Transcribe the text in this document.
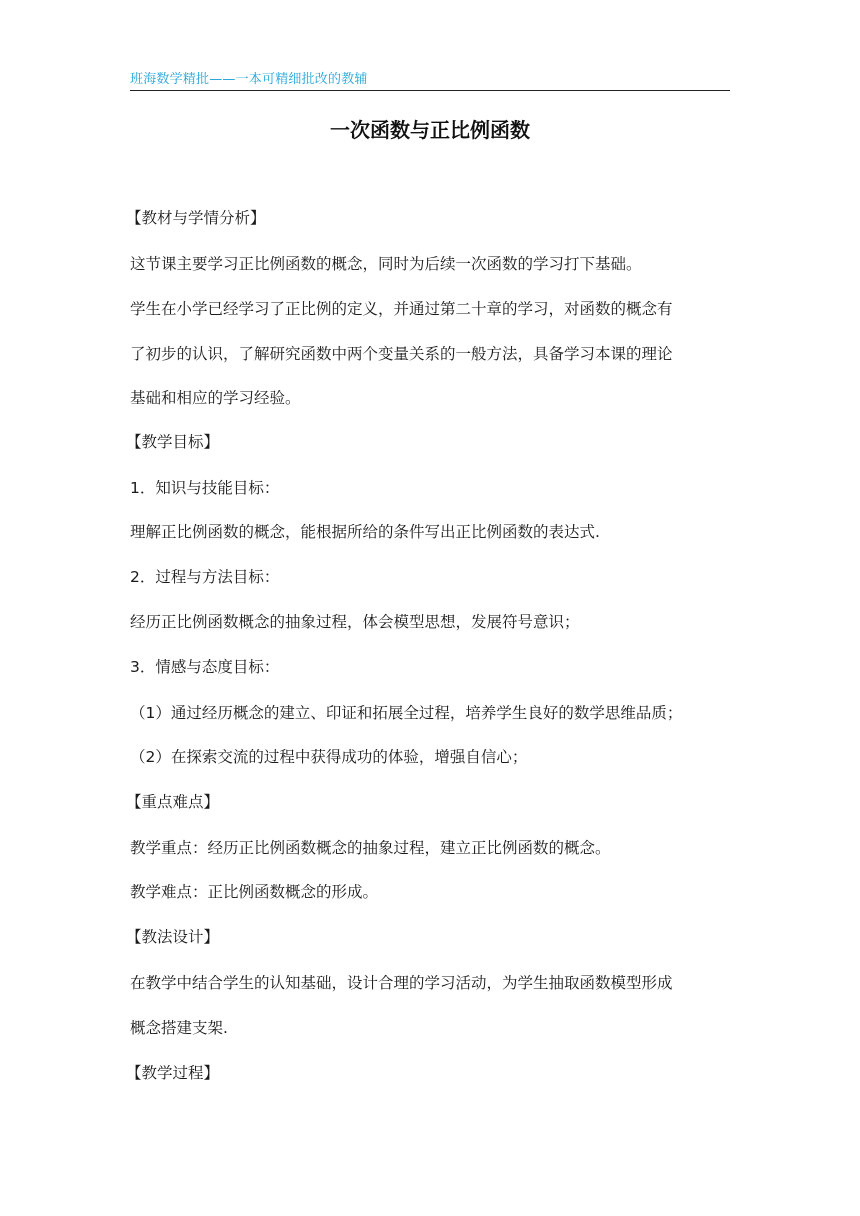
班海数学精批——一本可精细批改的教辅
一次函数与正比例函数
【教材与学情分析】
这节课主要学习正比例函数的概念，同时为后续一次函数的学习打下基础。
学生在小学已经学习了正比例的定义，并通过第二十章的学习，对函数的概念有
了初步的认识，了解研究函数中两个变量关系的一般方法，具备学习本课的理论
基础和相应的学习经验。
【教学目标】
1．知识与技能目标：
理解正比例函数的概念，能根据所给的条件写出正比例函数的表达式.
2．过程与方法目标：
经历正比例函数概念的抽象过程，体会模型思想，发展符号意识；
3．情感与态度目标：
（1）通过经历概念的建立、印证和拓展全过程，培养学生良好的数学思维品质；
（2）在探索交流的过程中获得成功的体验，增强自信心；
【重点难点】
教学重点：经历正比例函数概念的抽象过程，建立正比例函数的概念。
教学难点：正比例函数概念的形成。
【教法设计】
在教学中结合学生的认知基础，设计合理的学习活动，为学生抽取函数模型形成
概念搭建支架.
【教学过程】
